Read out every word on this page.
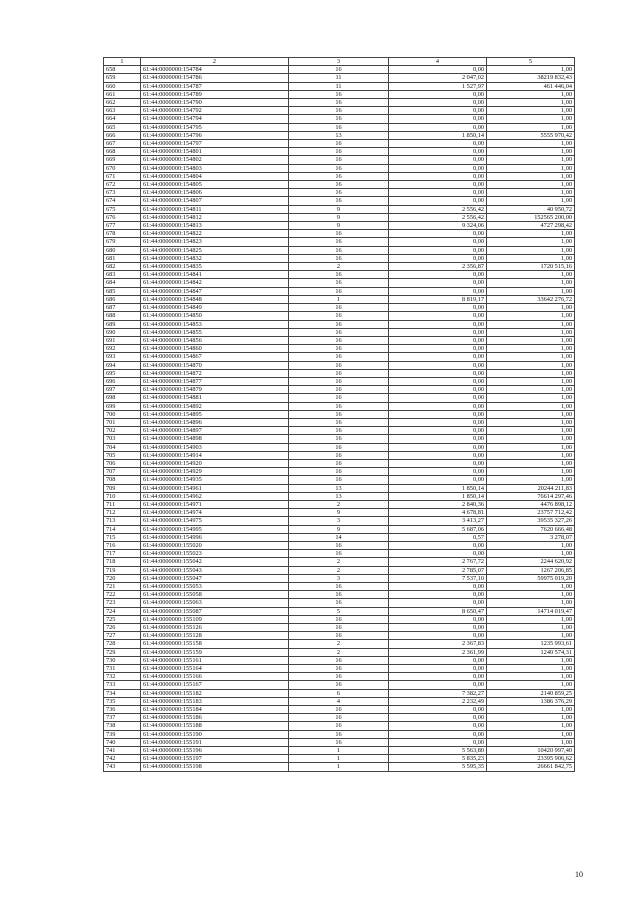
1	2	3	4	5
658	61:44:0000000:154784	16	0,00	1,00
659	61:44:0000000:154786	11	2 047,02	38219 832,43
660	61:44:0000000:154787	11	1 527,97	461 446,04
661	61:44:0000000:154789	16	0,00	1,00
662	61:44:0000000:154790	16	0,00	1,00
663	61:44:0000000:154792	16	0,00	1,00
664	61:44:0000000:154794	16	0,00	1,00
665	61:44:0000000:154795	16	0,00	1,00
666	61:44:0000000:154796	13	1 850,14	5555 970,42
667	61:44:0000000:154797	16	0,00	1,00
668	61:44:0000000:154801	16	0,00	1,00
669	61:44:0000000:154802	16	0,00	1,00
670	61:44:0000000:154803	16	0,00	1,00
671	61:44:0000000:154804	16	0,00	1,00
672	61:44:0000000:154805	16	0,00	1,00
673	61:44:0000000:154806	16	0,00	1,00
674	61:44:0000000:154807	16	0,00	1,00
675	61:44:0000000:154811	9	2 556,42	40 950,72
676	61:44:0000000:154812	9	2 556,42	152565 200,00
677	61:44:0000000:154813	9	9 324,06	4727 298,42
678	61:44:0000000:154822	16	0,00	1,00
679	61:44:0000000:154823	16	0,00	1,00
680	61:44:0000000:154825	16	0,00	1,00
681	61:44:0000000:154832	16	0,00	1,00
682	61:44:0000000:154835	2	2 356,87	1720 515,16
683	61:44:0000000:154841	16	0,00	1,00
684	61:44:0000000:154842	16	0,00	1,00
685	61:44:0000000:154847	16	0,00	1,00
686	61:44:0000000:154848	1	8 819,17	33642 276,72
687	61:44:0000000:154849	16	0,00	1,00
688	61:44:0000000:154850	16	0,00	1,00
689	61:44:0000000:154853	16	0,00	1,00
690	61:44:0000000:154855	16	0,00	1,00
691	61:44:0000000:154856	16	0,00	1,00
692	61:44:0000000:154860	16	0,00	1,00
693	61:44:0000000:154867	16	0,00	1,00
694	61:44:0000000:154870	16	0,00	1,00
695	61:44:0000000:154872	16	0,00	1,00
696	61:44:0000000:154877	16	0,00	1,00
697	61:44:0000000:154879	16	0,00	1,00
698	61:44:0000000:154881	16	0,00	1,00
699	61:44:0000000:154892	16	0,00	1,00
700	61:44:0000000:154895	16	0,00	1,00
701	61:44:0000000:154896	16	0,00	1,00
702	61:44:0000000:154897	16	0,00	1,00
703	61:44:0000000:154898	16	0,00	1,00
704	61:44:0000000:154903	16	0,00	1,00
705	61:44:0000000:154914	16	0,00	1,00
706	61:44:0000000:154920	16	0,00	1,00
707	61:44:0000000:154929	16	0,00	1,00
708	61:44:0000000:154935	16	0,00	1,00
709	61:44:0000000:154961	13	1 850,14	20244 211,83
710	61:44:0000000:154962	13	1 850,14	76614 297,46
711	61:44:0000000:154971	2	2 840,36	4476 898,12
712	61:44:0000000:154974	9	4 678,81	23757 712,42
713	61:44:0000000:154975	3	3 413,27	39535 327,26
714	61:44:0000000:154995	9	5 687,06	7620 666,48
715	61:44:0000000:154996	14	0,57	3 278,07
716	61:44:0000000:155020	16	0,00	1,00
717	61:44:0000000:155023	16	0,00	1,00
718	61:44:0000000:155042	2	2 767,72	2244 620,92
719	61:44:0000000:155043	2	2 785,07	1267 206,85
720	61:44:0000000:155047	3	7 537,10	59975 019,20
721	61:44:0000000:155053	16	0,00	1,00
722	61:44:0000000:155058	16	0,00	1,00
723	61:44:0000000:155063	16	0,00	1,00
724	61:44:0000000:155087	5	8 650,47	14714 019,47
725	61:44:0000000:155109	16	0,00	1,00
726	61:44:0000000:155126	16	0,00	1,00
727	61:44:0000000:155128	16	0,00	1,00
728	61:44:0000000:155158	2	2 367,83	1235 993,61
729	61:44:0000000:155159	2	2 361,99	1240 574,31
730	61:44:0000000:155161	16	0,00	1,00
731	61:44:0000000:155164	16	0,00	1,00
732	61:44:0000000:155166	16	0,00	1,00
733	61:44:0000000:155167	16	0,00	1,00
734	61:44:0000000:155182	6	7 382,27	2140 859,25
735	61:44:0000000:155183	4	2 232,49	1386 376,29
736	61:44:0000000:155184	16	0,00	1,00
737	61:44:0000000:155186	16	0,00	1,00
738	61:44:0000000:155188	16	0,00	1,00
739	61:44:0000000:155190	16	0,00	1,00
740	61:44:0000000:155191	16	0,00	1,00
741	61:44:0000000:155196	1	5 563,80	10420 997,40
742	61:44:0000000:155197	1	5 835,23	23395 906,62
743	61:44:0000000:155198	1	5 595,35	26661 842,75
10
